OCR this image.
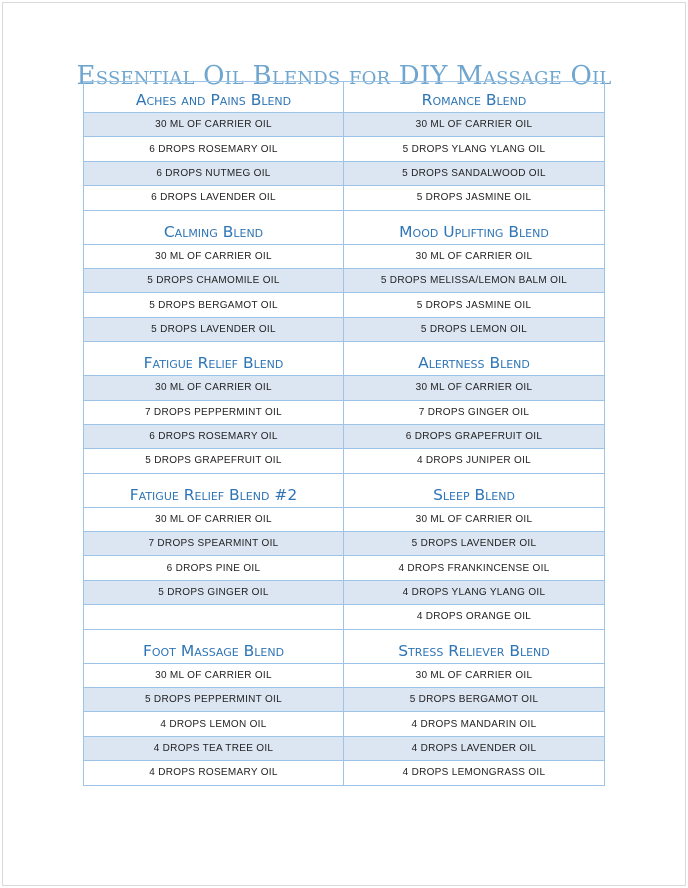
Essential Oil Blends for DIY Massage Oil
Aches and Pains Blend	Romance Blend
30 ML OF CARRIER OIL	30 ML OF CARRIER OIL
6 DROPS ROSEMARY OIL	5 DROPS YLANG YLANG OIL
6 DROPS NUTMEG OIL	5 DROPS SANDALWOOD OIL
6 DROPS LAVENDER OIL	5 DROPS JASMINE OIL
Calming Blend	Mood Uplifting Blend
30 ML OF CARRIER OIL	30 ML OF CARRIER OIL
5 DROPS CHAMOMILE OIL	5 DROPS MELISSA/LEMON BALM OIL
5 DROPS BERGAMOT OIL	5 DROPS JASMINE OIL
5 DROPS LAVENDER OIL	5 DROPS LEMON OIL
Fatigue Relief Blend	Alertness Blend
30 ML OF CARRIER OIL	30 ML OF CARRIER OIL
7 DROPS PEPPERMINT OIL	7 DROPS GINGER OIL
6 DROPS ROSEMARY OIL	6 DROPS GRAPEFRUIT OIL
5 DROPS GRAPEFRUIT OIL	4 DROPS JUNIPER OIL
Fatigue Relief Blend #2	Sleep Blend
30 ML OF CARRIER OIL	30 ML OF CARRIER OIL
7 DROPS SPEARMINT OIL	5 DROPS LAVENDER OIL
6 DROPS PINE OIL	4 DROPS FRANKINCENSE OIL
5 DROPS GINGER OIL	4 DROPS YLANG YLANG OIL
	4 DROPS ORANGE OIL
Foot Massage Blend	Stress Reliever Blend
30 ML OF CARRIER OIL	30 ML OF CARRIER OIL
5 DROPS PEPPERMINT OIL	5 DROPS BERGAMOT OIL
4 DROPS LEMON OIL	4 DROPS MANDARIN OIL
4 DROPS TEA TREE OIL	4 DROPS LAVENDER OIL
4 DROPS ROSEMARY OIL	4 DROPS LEMONGRASS OIL
